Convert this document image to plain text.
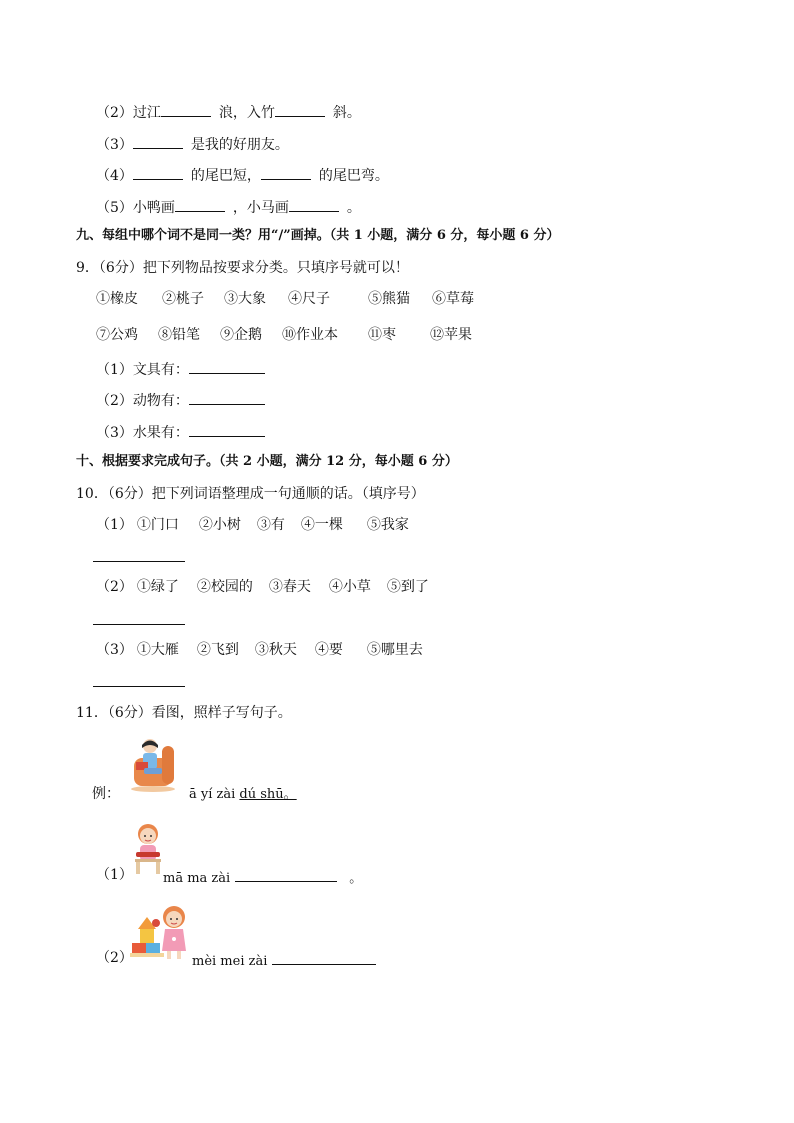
（2）过江	浪，入竹	斜。
（3）	是我的好朋友。
（4）	的尾巴短，	的尾巴弯。
（5）小鸭画	，小马画	。
九、每组中哪个词不是同一类？用“/”画掉。（共 1 小题，满分 6 分，每小题 6 分）
9．（6分）把下列物品按要求分类。只填序号就可以！
①橡皮 ②桃子 ③大象 ④尺子	⑤熊猫 ⑥草莓
⑦公鸡 ⑧铅笔 ⑨企鹅 ⑩作业本 ⑪枣 ⑫苹果
（1）文具有：
（2）动物有：
（3）水果有：
十、根据要求完成句子。（共 2 小题，满分 12 分，每小题 6 分）
10．（6分）把下列词语整理成一句通顺的话。（填序号）
（1） ①门口 ②小树 ③有 ④一棵 ⑤我家
（2） ①绿了 ②校园的 ③春天 ④小草 ⑤到了
（3） ①大雁 ②飞到 ③秋天 ④要 ⑤哪里去
11．（6分）看图，照样子写句子。
例：	ā yí zài dú shū。
（1） mā ma zài	。
（2）	mèi mei zài
